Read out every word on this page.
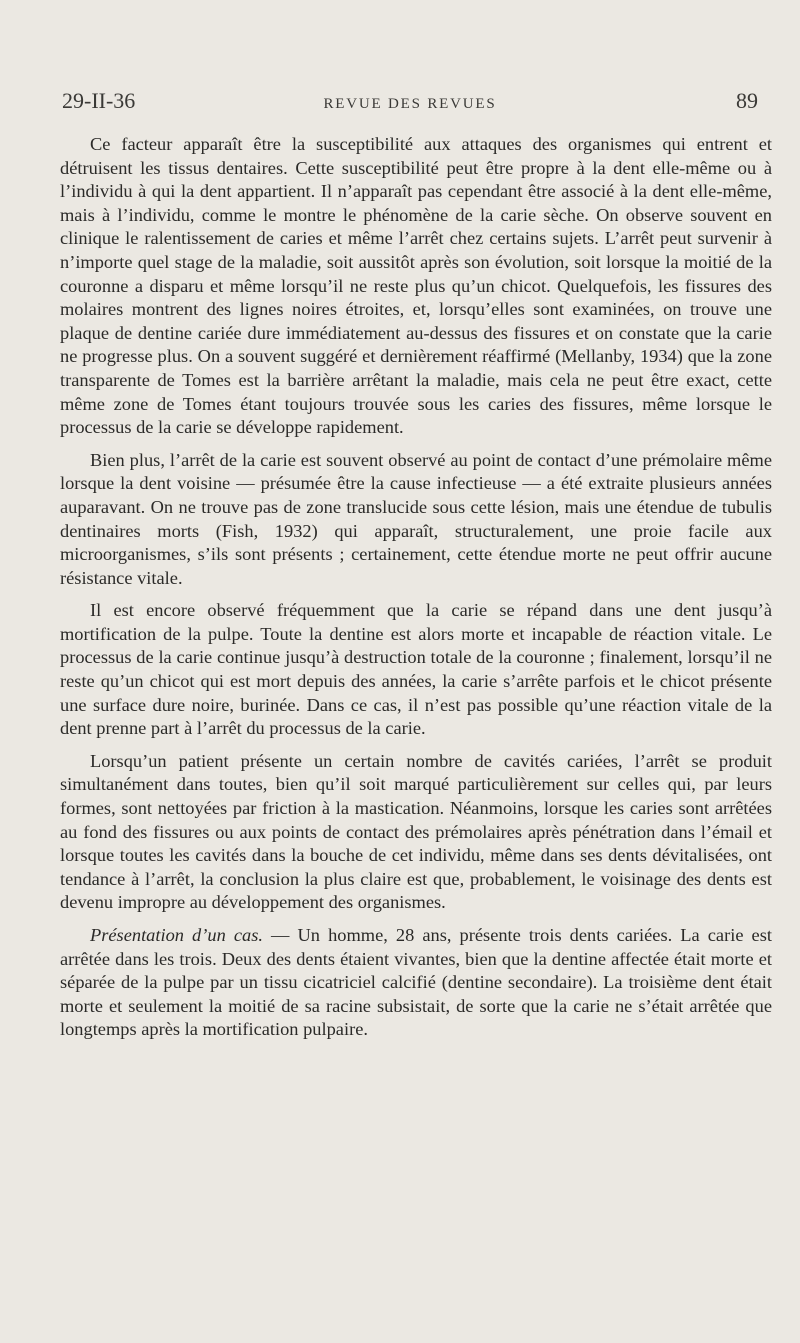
29-II-36	REVUE DES REVUES	89

Ce facteur apparaît être la susceptibilité aux attaques des organismes qui entrent et détruisent les tissus dentaires. Cette susceptibilité peut être propre à la dent elle-même ou à l’individu à qui la dent appartient. Il n’apparaît pas cependant être associé à la dent elle-même, mais à l’individu, comme le montre le phénomène de la carie sèche. On observe souvent en clinique le ralentissement de caries et même l’arrêt chez certains sujets. L’arrêt peut survenir à n’importe quel stage de la maladie, soit aussitôt après son évolution, soit lorsque la moitié de la couronne a disparu et même lorsqu’il ne reste plus qu’un chicot. Quelquefois, les fissures des molaires montrent des lignes noires étroites, et, lorsqu’elles sont examinées, on trouve une plaque de dentine cariée dure immédiatement au-dessus des fissures et on constate que la carie ne progresse plus. On a souvent suggéré et dernièrement réaffirmé (Mellanby, 1934) que la zone transparente de Tomes est la barrière arrêtant la maladie, mais cela ne peut être exact, cette même zone de Tomes étant toujours trouvée sous les caries des fissures, même lorsque le processus de la carie se développe rapidement.

Bien plus, l’arrêt de la carie est souvent observé au point de contact d’une prémolaire même lorsque la dent voisine — présumée être la cause infectieuse — a été extraite plusieurs années auparavant. On ne trouve pas de zone translucide sous cette lésion, mais une étendue de tubulis dentinaires morts (Fish, 1932) qui apparaît, structuralement, une proie facile aux microorganismes, s’ils sont présents ; certainement, cette étendue morte ne peut offrir aucune résistance vitale.

Il est encore observé fréquemment que la carie se répand dans une dent jusqu’à mortification de la pulpe. Toute la dentine est alors morte et incapable de réaction vitale. Le processus de la carie continue jusqu’à destruction totale de la couronne ; finalement, lorsqu’il ne reste qu’un chicot qui est mort depuis des années, la carie s’arrête parfois et le chicot présente une surface dure noire, burinée. Dans ce cas, il n’est pas possible qu’une réaction vitale de la dent prenne part à l’arrêt du processus de la carie.

Lorsqu’un patient présente un certain nombre de cavités cariées, l’arrêt se produit simultanément dans toutes, bien qu’il soit marqué particulièrement sur celles qui, par leurs formes, sont nettoyées par friction à la mastication. Néanmoins, lorsque les caries sont arrêtées au fond des fissures ou aux points de contact des prémolaires après pénétration dans l’émail et lorsque toutes les cavités dans la bouche de cet individu, même dans ses dents dévitalisées, ont tendance à l’arrêt, la conclusion la plus claire est que, probablement, le voisinage des dents est devenu impropre au développement des organismes.

Présentation d’un cas. — Un homme, 28 ans, présente trois dents cariées. La carie est arrêtée dans les trois. Deux des dents étaient vivantes, bien que la dentine affectée était morte et séparée de la pulpe par un tissu cicatriciel calcifié (dentine secondaire). La troisième dent était morte et seulement la moitié de sa racine subsistait, de sorte que la carie ne s’était arrêtée que longtemps après la mortification pulpaire.
